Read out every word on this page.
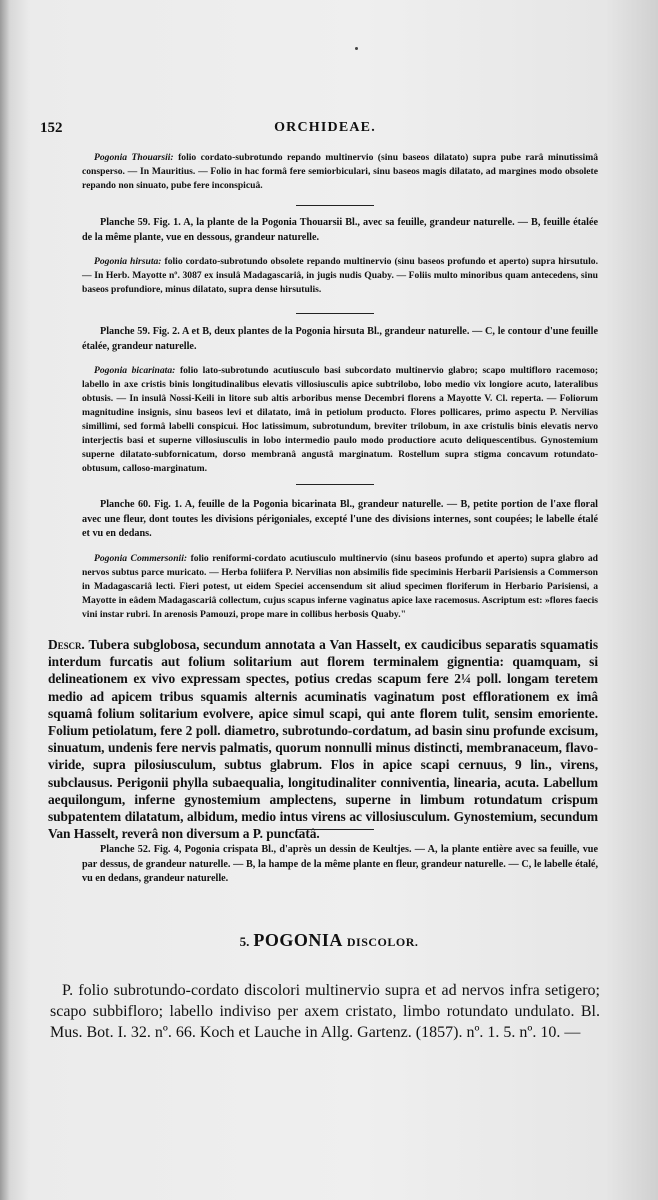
152	ORCHIDEAE.

Pogonia Thouarsii: folio cordato-subrotundo repando multinervio (sinu baseos dilatato) supra pube rarâ minutissimâ consperso. — In Mauritius. — Folio in hac formâ fere semiorbiculari, sinu baseos magis dilatato, ad margines modo obsolete repando non sinuato, pube fere inconspicuâ.

Planche 59. Fig. 1. A, la plante de la Pogonia Thouarsii Bl., avec sa feuille, grandeur naturelle. — B, feuille étalée de la même plante, vue en dessous, grandeur naturelle.

Pogonia hirsuta: folio cordato-subrotundo obsolete repando multinervio (sinu baseos profundo et aperto) supra hirsutulo. — In Herb. Mayotte nº. 3087 ex insulâ Madagascariâ, in jugis nudis Quaby. — Foliis multo minoribus quam antecedens, sinu baseos profundiore, minus dilatato, supra dense hirsutulis.

Planche 59. Fig. 2. A et B, deux plantes de la Pogonia hirsuta Bl., grandeur naturelle. — C, le contour d'une feuille étalée, grandeur naturelle.

Pogonia bicarinata: folio lato-subrotundo acutiusculo basi subcordato multinervio glabro; scapo multifloro racemoso; labello in axe cristis binis longitudinalibus elevatis villosiusculis apice subtrilobo, lobo medio vix longiore acuto, lateralibus obtusis. — In insulâ Nossi-Keili in litore sub altis arboribus mense Decembri florens a Mayotte V. Cl. reperta. — Foliorum magnitudine insignis, sinu baseos levi et dilatato, imâ in petiolum producto. Flores pollicares, primo aspectu P. Nervilias simillimi, sed formâ labelli conspicui. Hoc latissimum, subrotundum, breviter trilobum, in axe cristulis binis elevatis nervo interjectis basi et superne villosiusculis in lobo intermedio paulo modo productiore acuto deliquescentibus. Gynostemium superne dilatato-subfornicatum, dorso membranâ angustâ marginatum. Rostellum supra stigma concavum rotundato-obtusum, calloso-marginatum.

Planche 60. Fig. 1. A, feuille de la Pogonia bicarinata Bl., grandeur naturelle. — B, petite portion de l'axe floral avec une fleur, dont toutes les divisions périgoniales, excepté l'une des divisions internes, sont coupées; le labelle étalé et vu en dedans.

Pogonia Commersonii: folio reniformi-cordato acutiusculo multinervio (sinu baseos profundo et aperto) supra glabro ad nervos subtus parce muricato. — Herba foliifera P. Nervilias non absimilis fide speciminis Herbarii Parisiensis a Commerson in Madagascariâ lecti. Fieri potest, ut eidem Speciei accensendum sit aliud specimen floriferum in Herbario Parisiensi, a Mayotte in eâdem Madagascariâ collectum, cujus scapus inferne vaginatus apice laxe racemosus. Ascriptum est: »flores faecis vini instar rubri. In arenosis Pamouzi, prope mare in collibus herbosis Quaby."

Descr. Tubera subglobosa, secundum annotata a Van Hasselt, ex caudicibus separatis squamatis interdum furcatis aut folium solitarium aut florem terminalem gignentia: quamquam, si delineationem ex vivo expressam spectes, potius credas scapum fere 2¼ poll. longam teretem medio ad apicem tribus squamis alternis acuminatis vaginatum post efflorationem ex imâ squamâ folium solitarium evolvere, apice simul scapi, qui ante florem tulit, sensim emoriente. Folium petiolatum, fere 2 poll. diametro, subrotundo-cordatum, ad basin sinu profunde excisum, sinuatum, undenis fere nervis palmatis, quorum nonnulli minus distincti, membranaceum, flavo-viride, supra pilosiusculum, subtus glabrum. Flos in apice scapi cernuus, 9 lin., virens, subclausus. Perigonii phylla subaequalia, longitudinaliter conniventia, linearia, acuta. Labellum aequilongum, inferne gynostemium amplectens, superne in limbum rotundatum crispum subpatentem dilatatum, albidum, medio intus virens ac villosiusculum. Gynostemium, secundum Van Hasselt, reverâ non diversum a P. punctatâ.

Planche 52. Fig. 4, Pogonia crispata Bl., d'après un dessin de Keultjes. — A, la plante entière avec sa feuille, vue par dessus, de grandeur naturelle. — B, la hampe de la même plante en fleur, grandeur naturelle. — C, le labelle étalé, vu en dedans, grandeur naturelle.

5. POGONIA DISCOLOR.

P. folio subrotundo-cordato discolori multinervio supra et ad nervos infra setigero; scapo subbifloro; labello indiviso per axem cristato, limbo rotundato undulato. Bl. Mus. Bot. I. 32. nº. 66. Koch et Lauche in Allg. Gartenz. (1857). nº. 1. 5. nº. 10. —
